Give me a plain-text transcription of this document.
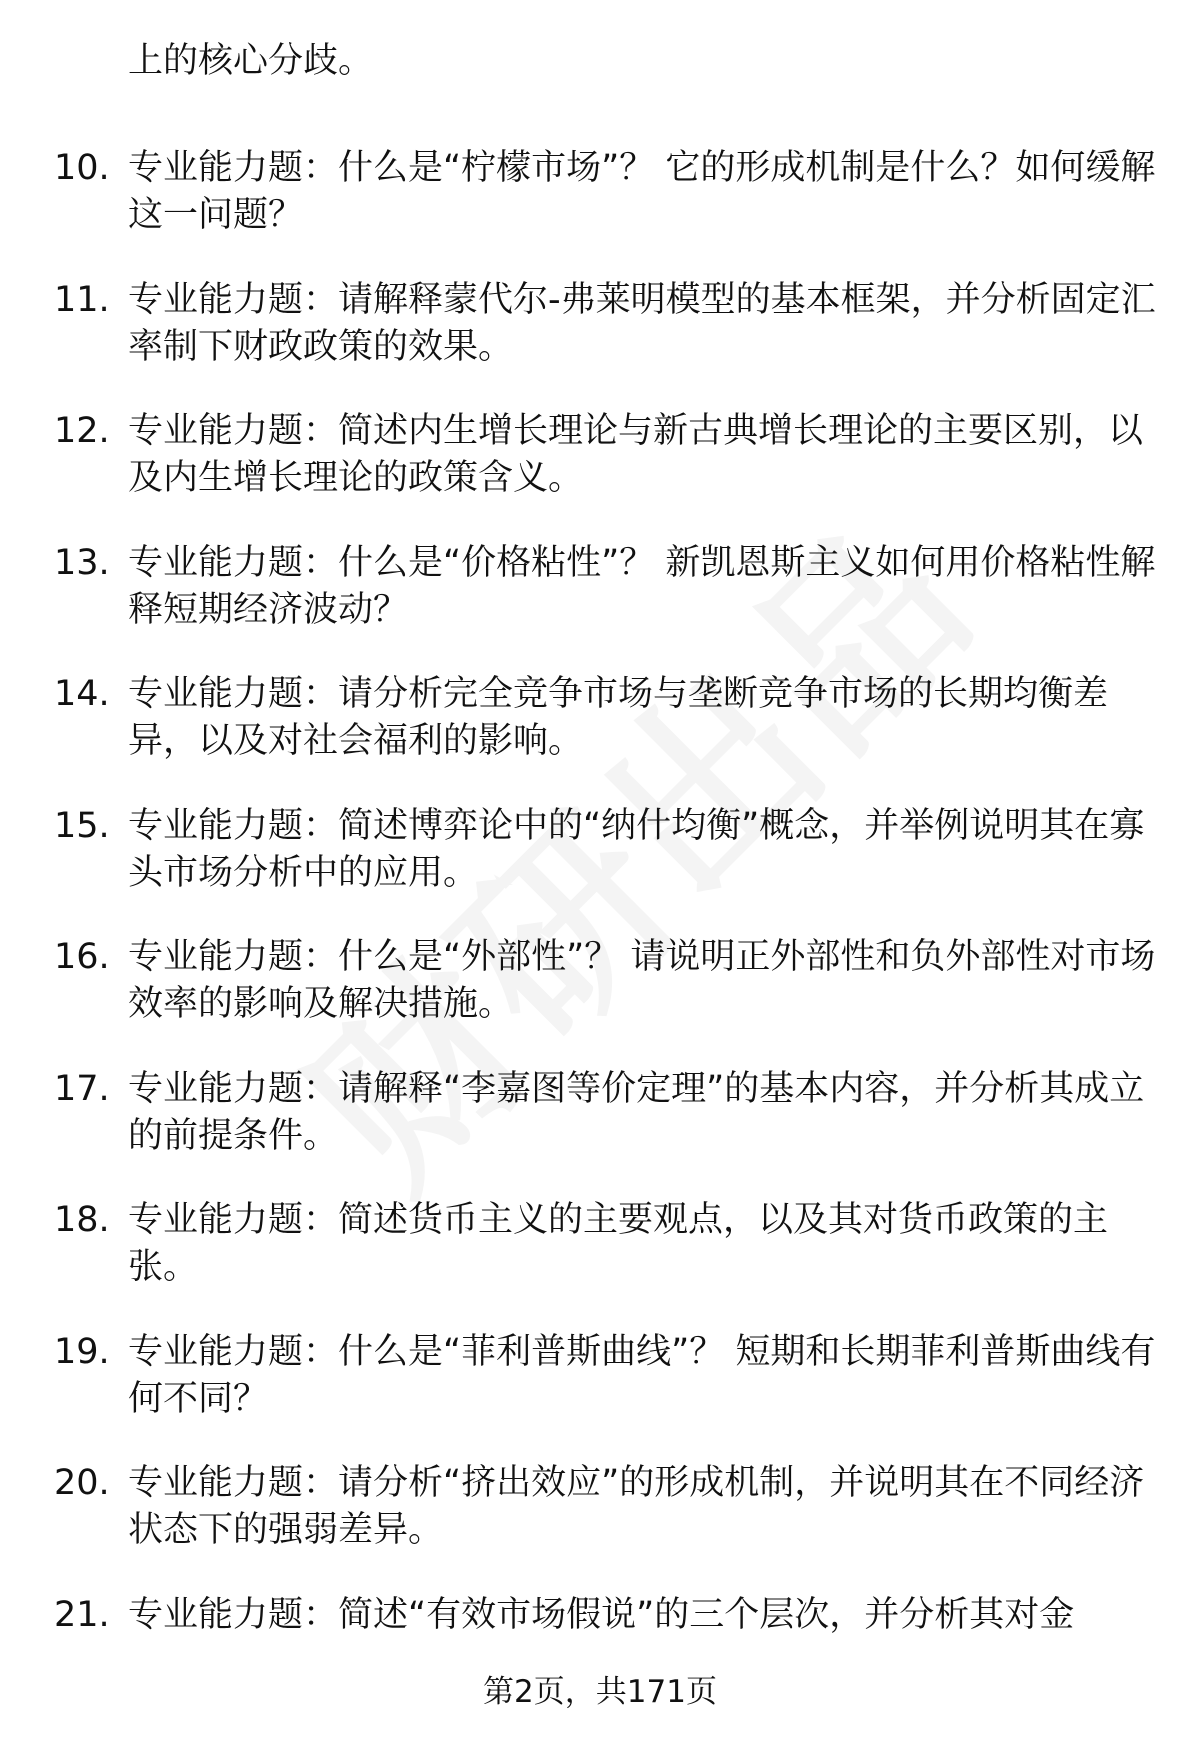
上的核心分歧。

10. 专业能力题：什么是“柠檬市场”？ 它的形成机制是什么？如何缓解这一问题？

11. 专业能力题：请解释蒙代尔-弗莱明模型的基本框架，并分析固定汇率制下财政政策的效果。

12. 专业能力题：简述内生增长理论与新古典增长理论的主要区别，以及内生增长理论的政策含义。

13. 专业能力题：什么是“价格粘性”？ 新凯恩斯主义如何用价格粘性解释短期经济波动？

14. 专业能力题：请分析完全竞争市场与垄断竞争市场的长期均衡差异，以及对社会福利的影响。

15. 专业能力题：简述博弈论中的“纳什均衡”概念，并举例说明其在寡头市场分析中的应用。

16. 专业能力题：什么是“外部性”？ 请说明正外部性和负外部性对市场效率的影响及解决措施。

17. 专业能力题：请解释“李嘉图等价定理”的基本内容，并分析其成立的前提条件。

18. 专业能力题：简述货币主义的主要观点，以及其对货币政策的主张。

19. 专业能力题：什么是“菲利普斯曲线”？ 短期和长期菲利普斯曲线有何不同？

20. 专业能力题：请分析“挤出效应”的形成机制，并说明其在不同经济状态下的强弱差异。

21. 专业能力题：简述“有效市场假说”的三个层次，并分析其对金

第2页，共171页
